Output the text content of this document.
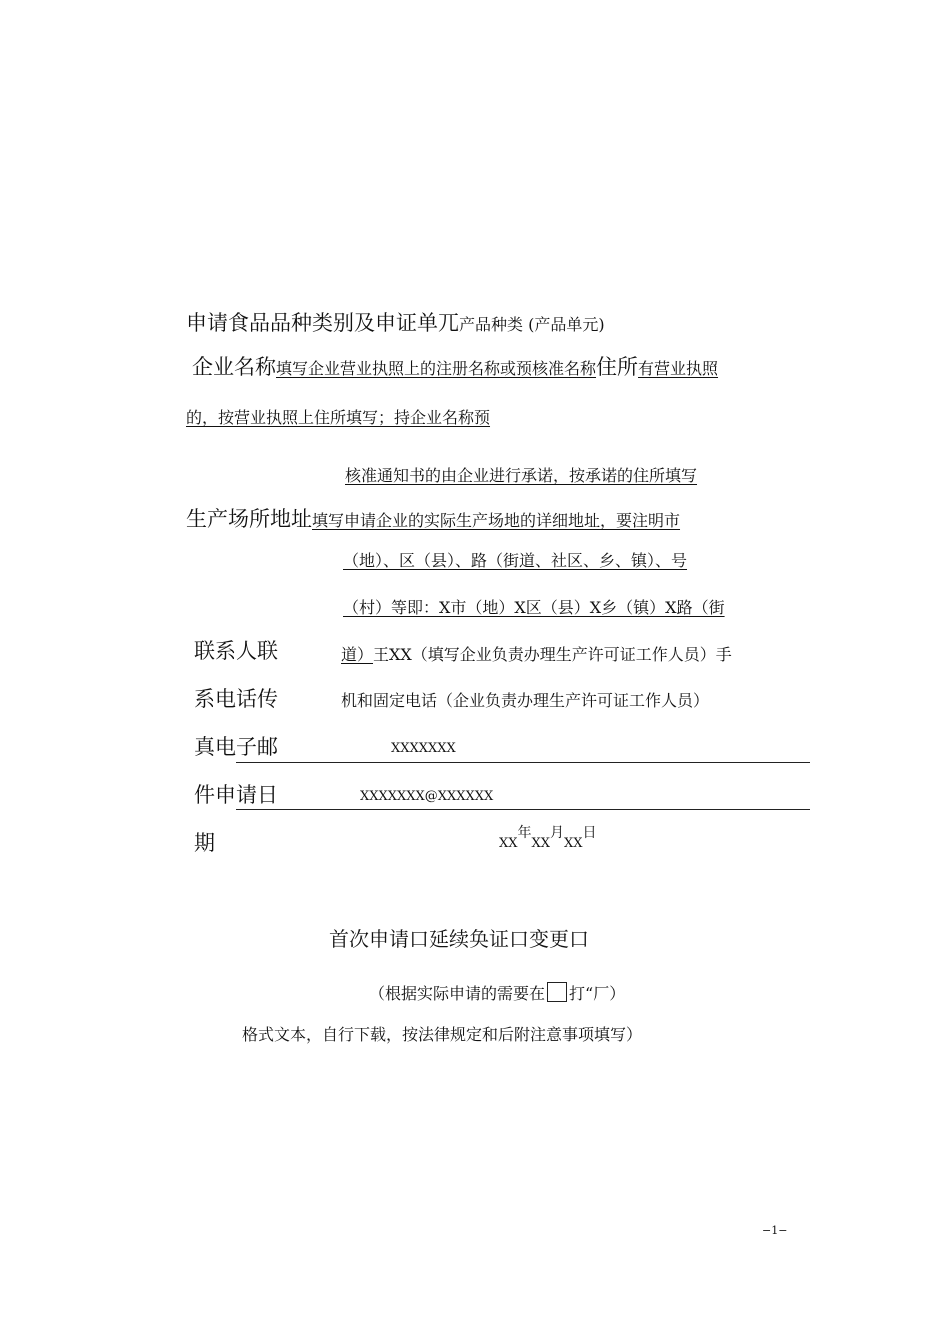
申请食品品种类别及申证单兀产品种类 (产品单元)
企业名称填写企业营业执照上的注册名称或预核准名称住所有营业执照
的，按营业执照上住所填写；持企业名称预
核准通知书的由企业进行承诺，按承诺的住所填写
生产场所地址填写申请企业的实际生产场地的详细地址，要注明市
（地）、区（县）、路（街道、社区、乡、镇）、号
（村）等即：X市（地）X区（县）X乡（镇）X路（街
道）王XX（填写企业负责办理生产许可证工作人员）手
机和固定电话（企业负责办理生产许可证工作人员）
联系人联
系电话传
真电子邮
件申请日
期
XXXXXXX
XXXXXXX@XXXXXX
$_{XX}$年$_{XX}$月$_{XX}$日
首次申请口延续奂证口变更口
（根据实际申请的需要在 打“厂）
格式文本，自行下载，按法律规定和后附注意事项填写）
−1−
